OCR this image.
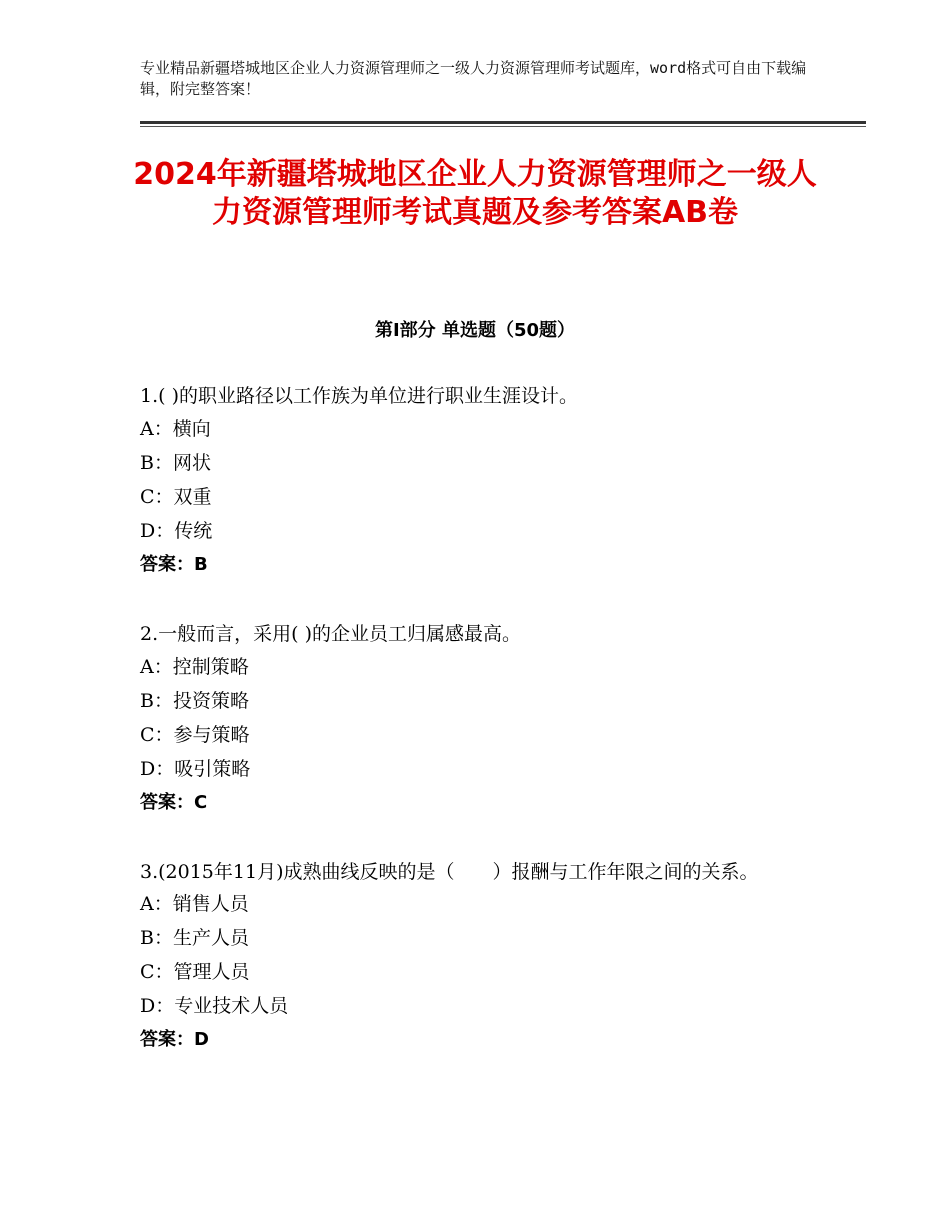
专业精品新疆塔城地区企业人力资源管理师之一级人力资源管理师考试题库，word格式可自由下载编辑，附完整答案！
2024年新疆塔城地区企业人力资源管理师之一级人力资源管理师考试真题及参考答案AB卷
第Ⅰ部分 单选题（50题）
1.( )的职业路径以工作族为单位进行职业生涯设计。
A：横向
B：网状
C：双重
D：传统
答案：B
2.一般而言，采用( )的企业员工归属感最高。
A：控制策略
B：投资策略
C：参与策略
D：吸引策略
答案：C
3.(2015年11月)成熟曲线反映的是（　　）报酬与工作年限之间的关系。
A：销售人员
B：生产人员
C：管理人员
D：专业技术人员
答案：D
